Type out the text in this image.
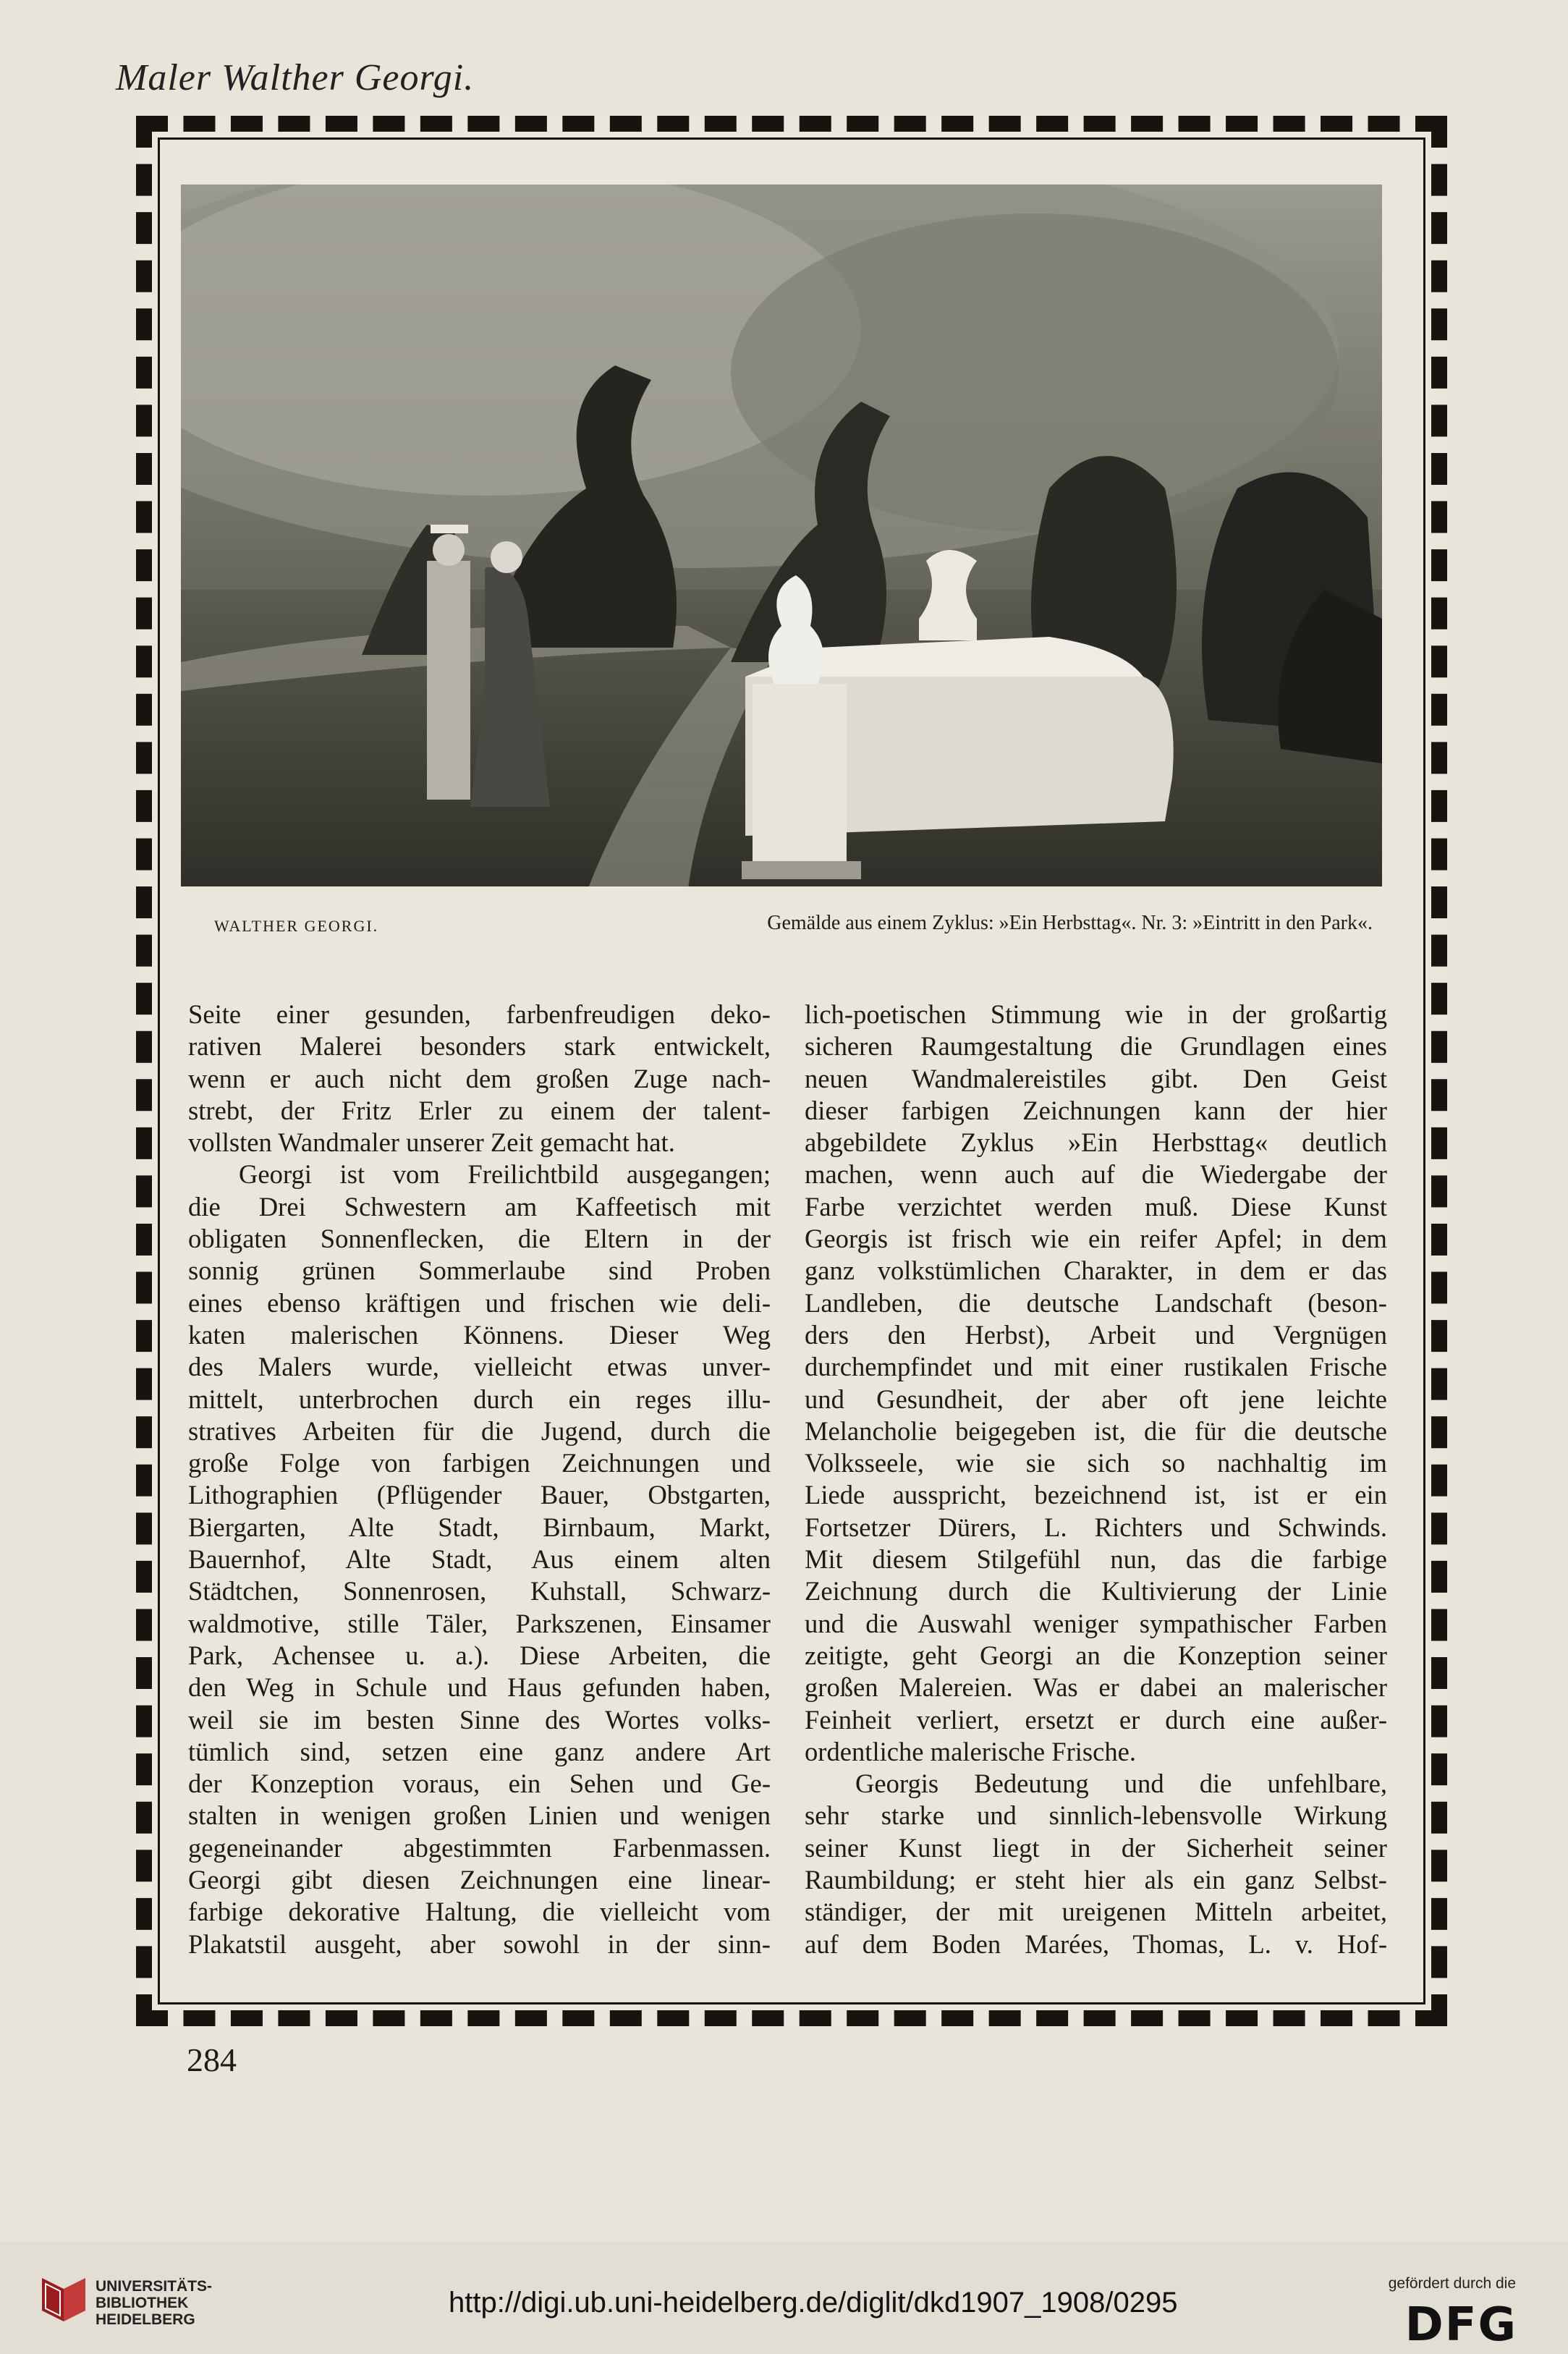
Maler Walther Georgi.
WALTHER GEORGI.	Gemälde aus einem Zyklus: »Ein Herbsttag«. Nr. 3: »Eintritt in den Park«.
Seite einer gesunden, farbenfreudigen deko-
rativen Malerei besonders stark entwickelt,
wenn er auch nicht dem großen Zuge nach-
strebt, der Fritz Erler zu einem der talent-
vollsten Wandmaler unserer Zeit gemacht hat.
Georgi ist vom Freilichtbild ausgegangen;
die Drei Schwestern am Kaffeetisch mit
obligaten Sonnenflecken, die Eltern in der
sonnig grünen Sommerlaube sind Proben
eines ebenso kräftigen und frischen wie deli-
katen malerischen Könnens. Dieser Weg
des Malers wurde, vielleicht etwas unver-
mittelt, unterbrochen durch ein reges illu-
stratives Arbeiten für die Jugend, durch die
große Folge von farbigen Zeichnungen und
Lithographien (Pflügender Bauer, Obstgarten,
Biergarten, Alte Stadt, Birnbaum, Markt,
Bauernhof, Alte Stadt, Aus einem alten
Städtchen, Sonnenrosen, Kuhstall, Schwarz-
waldmotive, stille Täler, Parkszenen, Einsamer
Park, Achensee u. a.). Diese Arbeiten, die
den Weg in Schule und Haus gefunden haben,
weil sie im besten Sinne des Wortes volks-
tümlich sind, setzen eine ganz andere Art
der Konzeption voraus, ein Sehen und Ge-
stalten in wenigen großen Linien und wenigen
gegeneinander abgestimmten Farbenmassen.
Georgi gibt diesen Zeichnungen eine linear-
farbige dekorative Haltung, die vielleicht vom
Plakatstil ausgeht, aber sowohl in der sinn-
lich-poetischen Stimmung wie in der großartig
sicheren Raumgestaltung die Grundlagen eines
neuen Wandmalereistiles gibt. Den Geist
dieser farbigen Zeichnungen kann der hier
abgebildete Zyklus »Ein Herbsttag« deutlich
machen, wenn auch auf die Wiedergabe der
Farbe verzichtet werden muß. Diese Kunst
Georgis ist frisch wie ein reifer Apfel; in dem
ganz volkstümlichen Charakter, in dem er das
Landleben, die deutsche Landschaft (beson-
ders den Herbst), Arbeit und Vergnügen
durchempfindet und mit einer rustikalen Frische
und Gesundheit, der aber oft jene leichte
Melancholie beigegeben ist, die für die deutsche
Volksseele, wie sie sich so nachhaltig im
Liede ausspricht, bezeichnend ist, ist er ein
Fortsetzer Dürers, L. Richters und Schwinds.
Mit diesem Stilgefühl nun, das die farbige
Zeichnung durch die Kultivierung der Linie
und die Auswahl weniger sympathischer Farben
zeitigte, geht Georgi an die Konzeption seiner
großen Malereien. Was er dabei an malerischer
Feinheit verliert, ersetzt er durch eine außer-
ordentliche malerische Frische.
Georgis Bedeutung und die unfehlbare,
sehr starke und sinnlich-lebensvolle Wirkung
seiner Kunst liegt in der Sicherheit seiner
Raumbildung; er steht hier als ein ganz Selbst-
ständiger, der mit ureigenen Mitteln arbeitet,
auf dem Boden Marées, Thomas, L. v. Hof-
284
UNIVERSITÄTS-
BIBLIOTHEK
HEIDELBERG
http://digi.ub.uni-heidelberg.de/diglit/dkd1907_1908/0295
gefördert durch die
DFG
